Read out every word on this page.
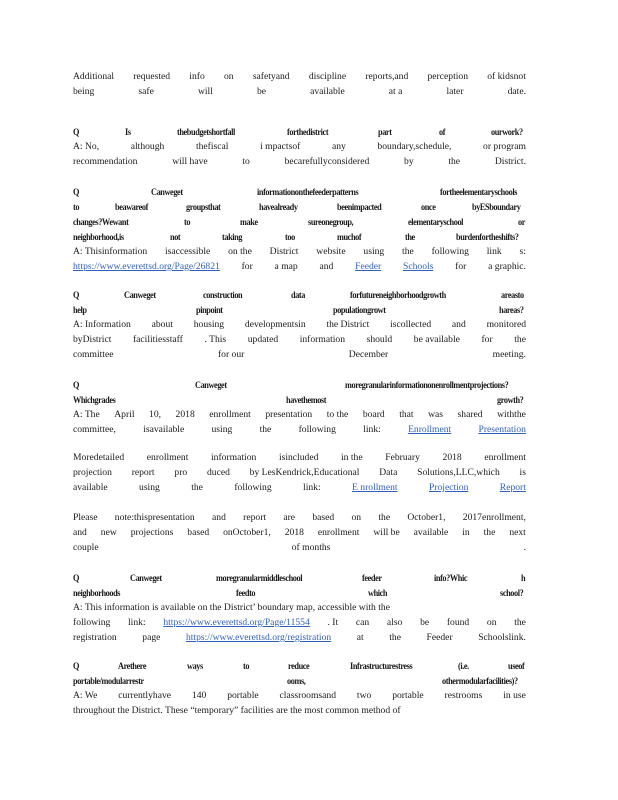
Additional requested info on safetyand discipline reports,and perception of kidsnot
being	safe	will	be	available	at a	later	date.
Q	Is	thebudgetshortfall	forthedistrict	part	of	ourwork?
A: No,	although	thefiscal	i mpactsof	any	boundary,schedule,	or program
recommendation	will have	to	becarefullyconsidered	by	the	District.
Q	Canweget	informationonthefeederpatterns	fortheelementaryschools
to	beawareof	groupsthat	havealready	beenimpacted	once	byESboundary
changes?Wewant	to	make	sureonegroup,	elementaryschool	or
neighborhood,is	not	taking	too	muchof	the	burdenfortheshifts?
A: Thisinformation isaccessible on the District website using the following link s:
https://www.everettsd.org/Page/26821 for a map and Feeder Schools for a graphic.
Q	Canweget	construction	data	forfutureneighborhoodgrowth	areasto
help	pinpoint	populationgrowt	hareas?
A: Information about housing developmentsin the District iscollected and monitored
byDistrict facilitiesstaff . This updated information should be available for the
committee	for our	December	meeting.
Q	Canweget	moregranularinformationonenrollmentprojections?
Whichgrades	havethemost	growth?
A: The April 10, 2018 enrollment presentation to the board that was shared withthe
committee,	isavailable	using	the	following	link:	Enrollment	Presentation
Moredetailed enrollment information isincluded in the February 2018 enrollment
projection report pro duced by LesKendrick,Educational Data Solutions,LLC,which is
available	using	the	following	link:	E nrollment	Projection	Report
Please note:thispresentation and report are based on the October1, 2017enrollment,
and new projections based onOctober1, 2018 enrollment will be available in the next
couple	of months	.
Q	Canweget	moregranularmiddleschool	feeder	info?Whic	h
neighborhoods	feedto	which	school?
A: This information is available on the District’ boundary map, accessible with the
following link: https://www.everettsd.org/Page/11554 . It can also be found on the
registration	page	https://www.everettsd.org/registration	at	the	Feeder	Schoolslink.
Q	Arethere	ways	to	reduce	Infrastructurestress	(i.e.	useof
portable/modularrestr	ooms,	othermodularfacilities)?
A: We currentlyhave 140 portable classroomsand two portable restrooms in use
throughout the District. These “temporary” facilities are the most common method of
